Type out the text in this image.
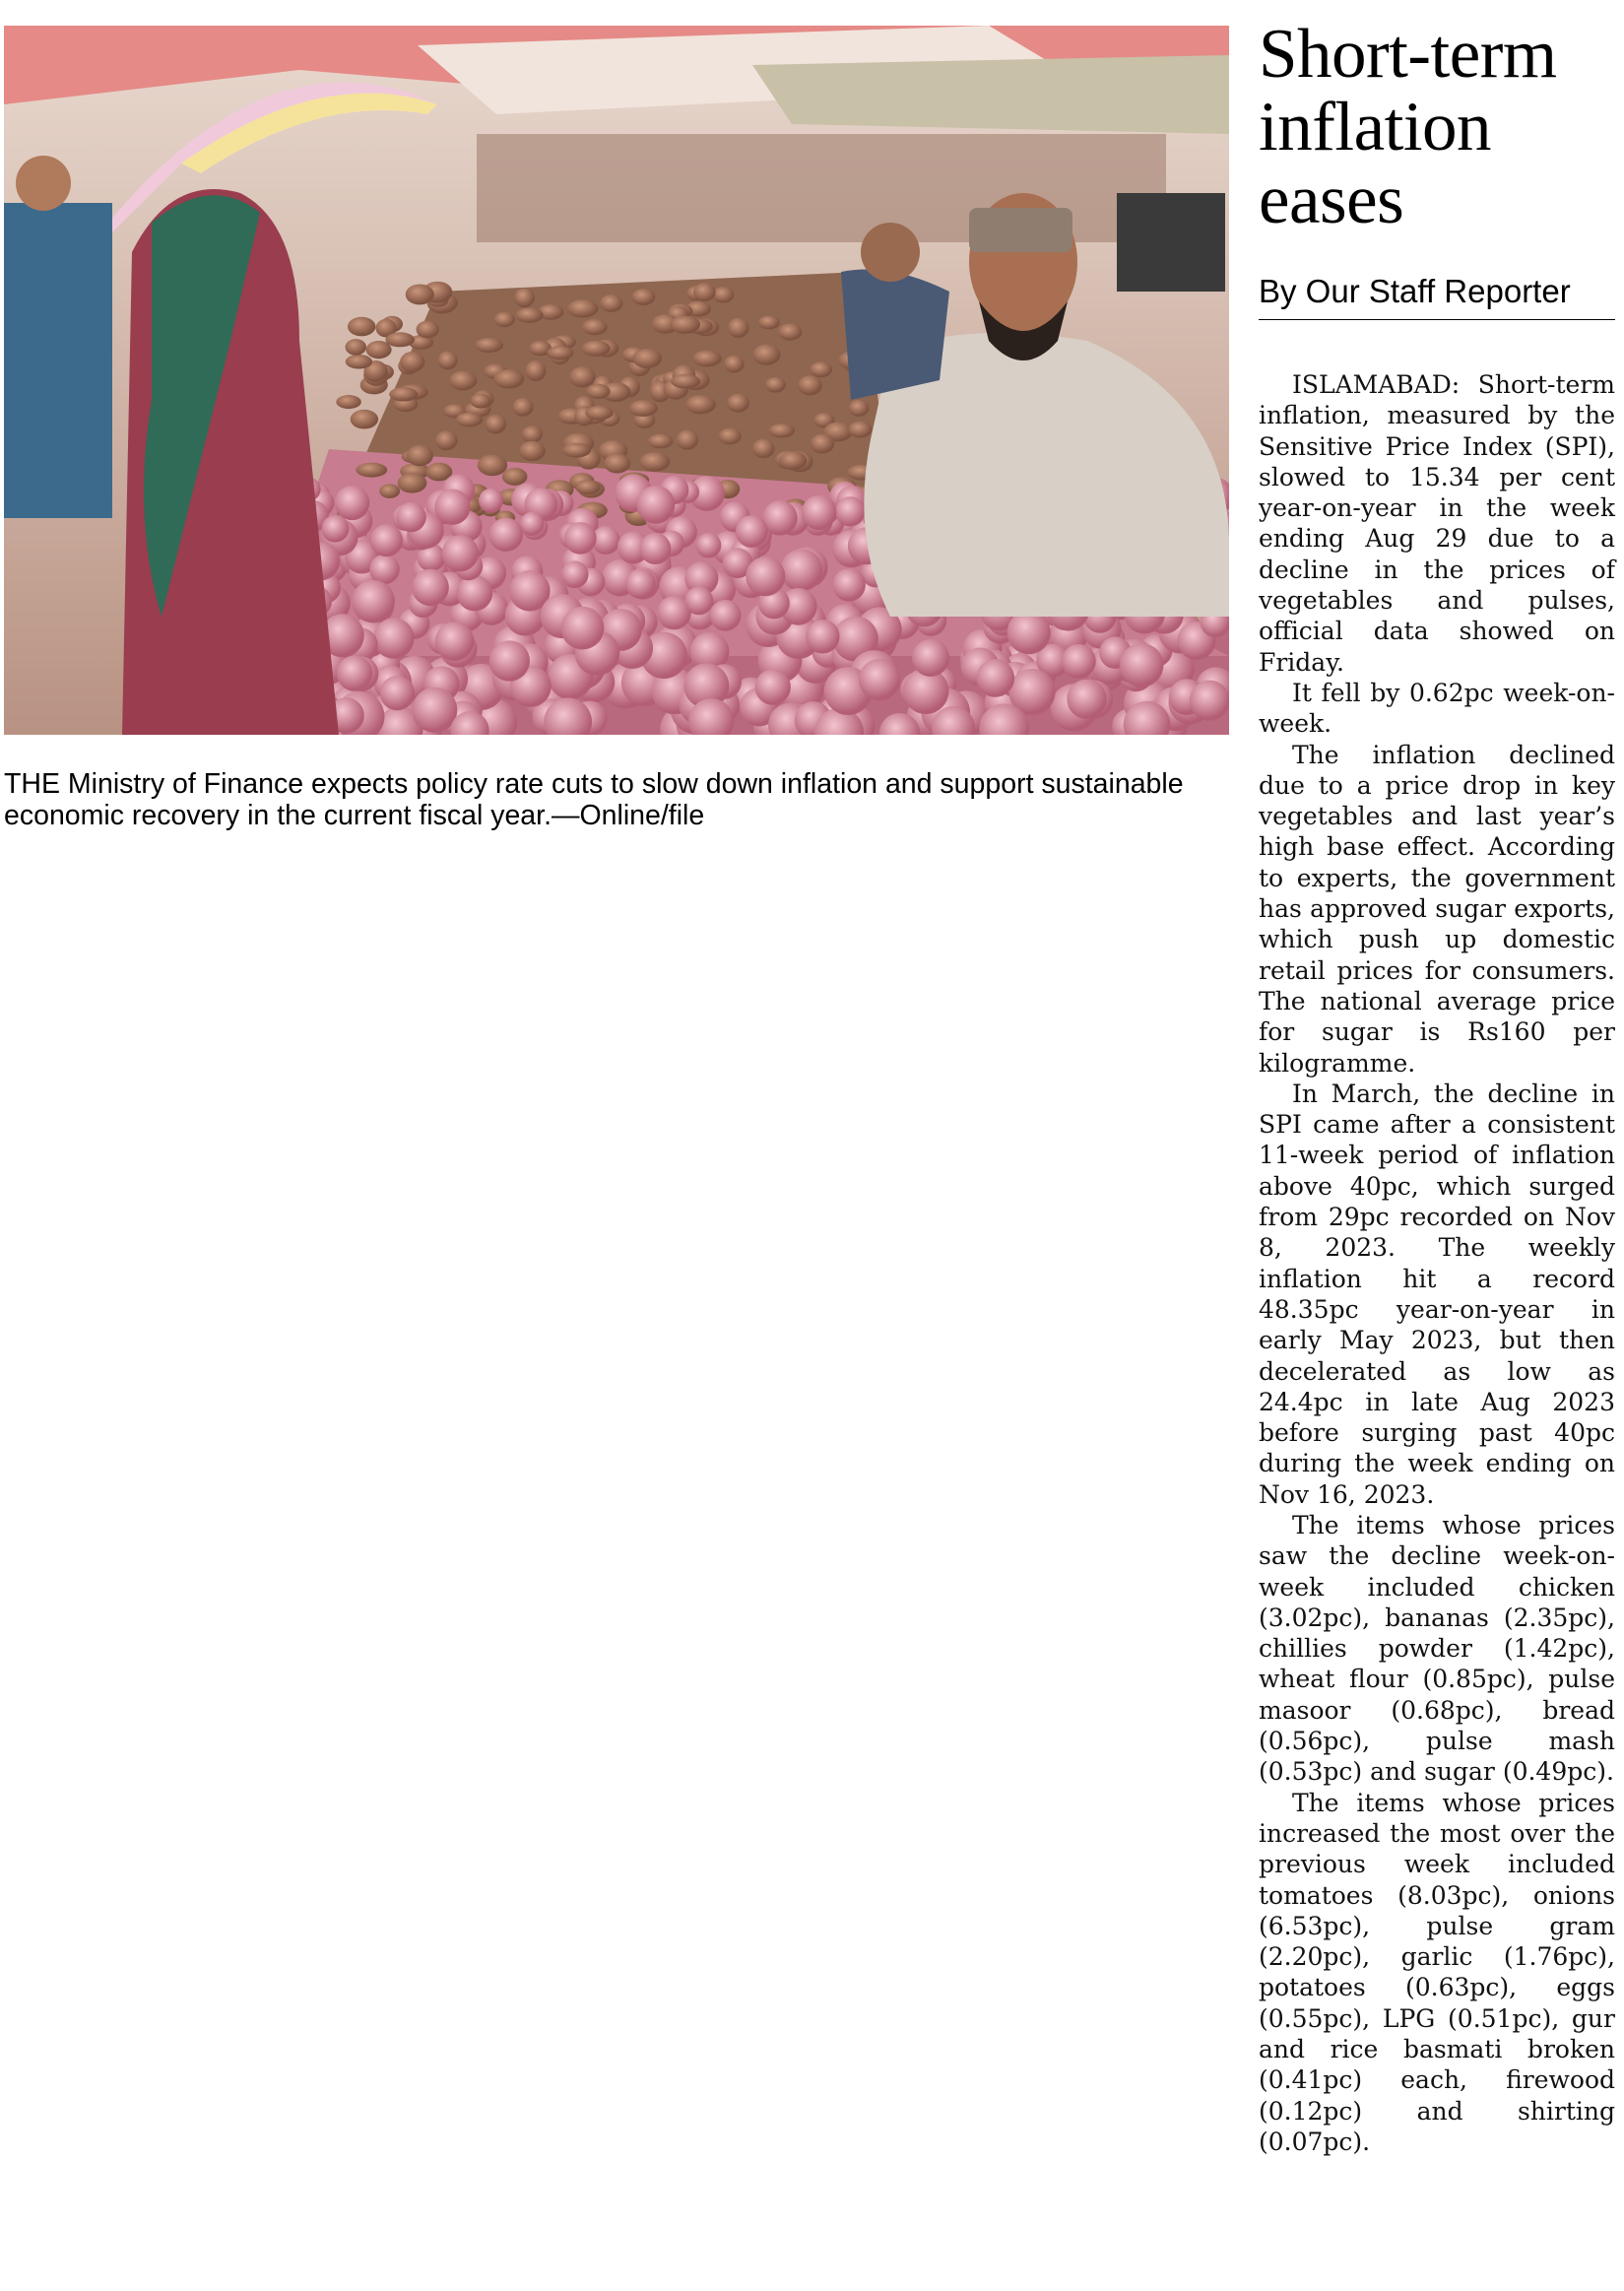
THE Ministry of Finance expects policy rate cuts to slow down inflation and support sustainable economic recovery in the current fiscal year.—Online/file
Short-term
inflation
eases
By Our Staff Reporter

ISLAMABAD: Short-term inflation, measured by the Sensitive Price Index (SPI), slowed to 15.34 per cent year-on-year in the week ending Aug 29 due to a decline in the prices of vegetables and pulses, official data showed on Friday.

It fell by 0.62pc week-on-week.

The inflation declined due to a price drop in key vegetables and last year’s high base effect. According to experts, the government has approved sugar exports, which push up domestic retail prices for consumers. The national average price for sugar is Rs160 per kilogramme.

In March, the decline in SPI came after a consistent 11-week period of inflation above 40pc, which surged from 29pc recorded on Nov 8, 2023. The weekly inflation hit a record 48.35pc year-on-year in early May 2023, but then decelerated as low as 24.4pc in late Aug 2023 before surging past 40pc during the week ending on Nov 16, 2023.

The items whose prices saw the decline week-on-week included chicken (3.02pc), bananas (2.35pc), chillies powder (1.42pc), wheat flour (0.85pc), pulse masoor (0.68pc), bread (0.56pc), pulse mash (0.53pc) and sugar (0.49pc).

The items whose prices increased the most over the previous week included tomatoes (8.03pc), onions (6.53pc), pulse gram (2.20pc), garlic (1.76pc), potatoes (0.63pc), eggs (0.55pc), LPG (0.51pc), gur and rice basmati broken (0.41pc) each, firewood (0.12pc) and shirting (0.07pc).
